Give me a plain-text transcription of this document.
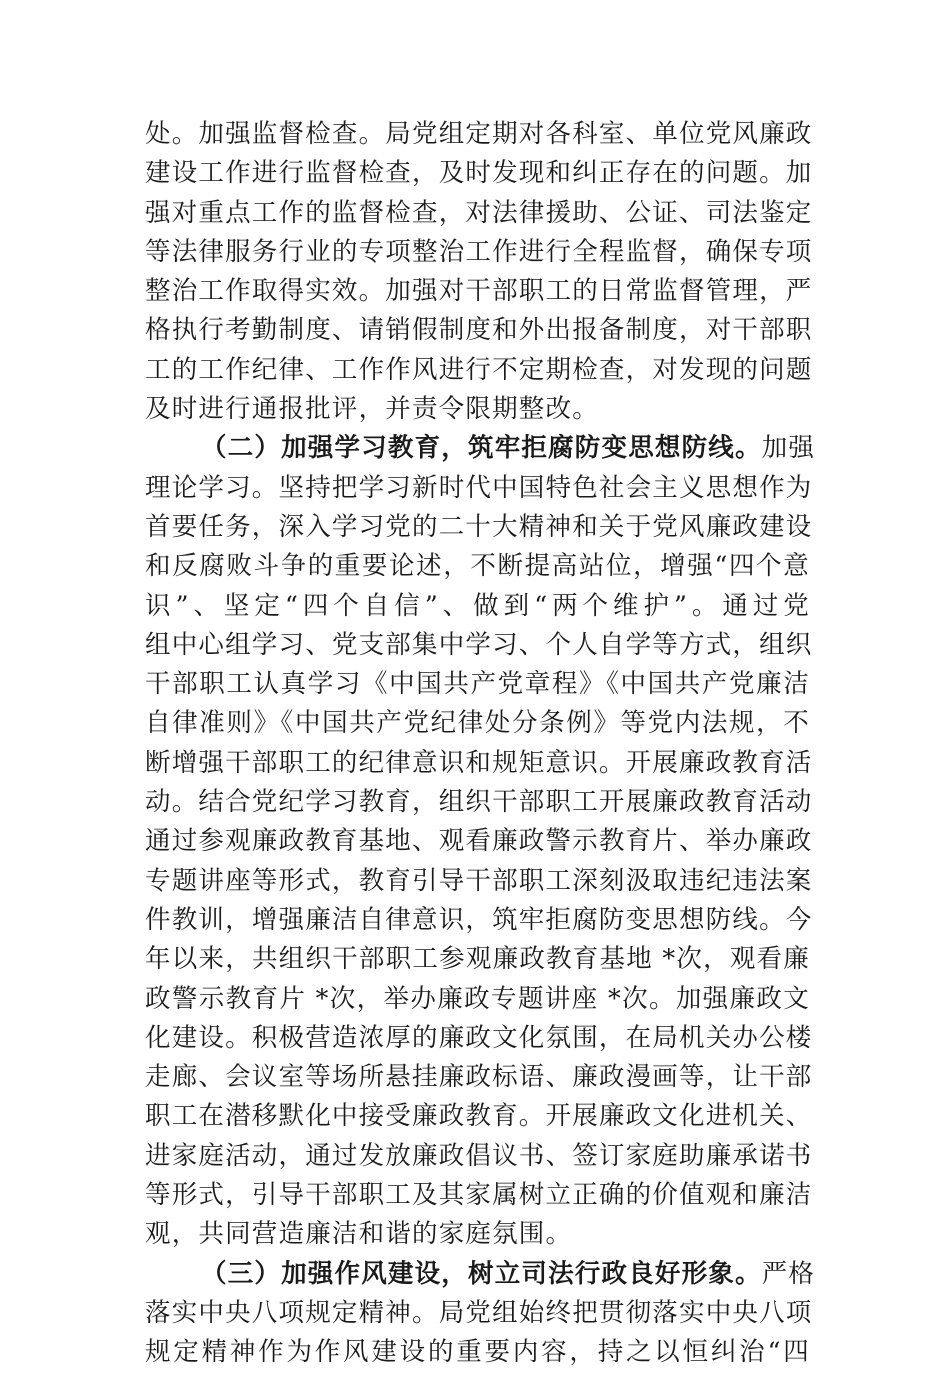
处。加强监督检查。局党组定期对各科室、单位党风廉政
建设工作进行监督检查，及时发现和纠正存在的问题。加
强对重点工作的监督检查，对法律援助、公证、司法鉴定
等法律服务行业的专项整治工作进行全程监督，确保专项
整治工作取得实效。加强对干部职工的日常监督管理，严
格执行考勤制度、请销假制度和外出报备制度，对干部职
工的工作纪律、工作作风进行不定期检查，对发现的问题
及时进行通报批评，并责令限期整改。
（二）加强学习教育，筑牢拒腐防变思想防线。加强
理论学习。坚持把学习新时代中国特色社会主义思想作为
首要任务，深入学习党的二十大精神和关于党风廉政建设
和反腐败斗争的重要论述，不断提高站位，增强“四个意
识”、坚定“四个自信”、做到“两个维护”。通过党
组中心组学习、党支部集中学习、个人自学等方式，组织
干部职工认真学习《中国共产党章程》《中国共产党廉洁
自律准则》《中国共产党纪律处分条例》等党内法规，不
断增强干部职工的纪律意识和规矩意识。开展廉政教育活
动。结合党纪学习教育，组织干部职工开展廉政教育活动
通过参观廉政教育基地、观看廉政警示教育片、举办廉政
专题讲座等形式，教育引导干部职工深刻汲取违纪违法案
件教训，增强廉洁自律意识，筑牢拒腐防变思想防线。今
年以来，共组织干部职工参观廉政教育基地 *次，观看廉
政警示教育片 *次，举办廉政专题讲座 *次。加强廉政文
化建设。积极营造浓厚的廉政文化氛围，在局机关办公楼
走廊、会议室等场所悬挂廉政标语、廉政漫画等，让干部
职工在潜移默化中接受廉政教育。开展廉政文化进机关、
进家庭活动，通过发放廉政倡议书、签订家庭助廉承诺书
等形式，引导干部职工及其家属树立正确的价值观和廉洁
观，共同营造廉洁和谐的家庭氛围。
（三）加强作风建设，树立司法行政良好形象。严格
落实中央八项规定精神。局党组始终把贯彻落实中央八项
规定精神作为作风建设的重要内容，持之以恒纠治“四
